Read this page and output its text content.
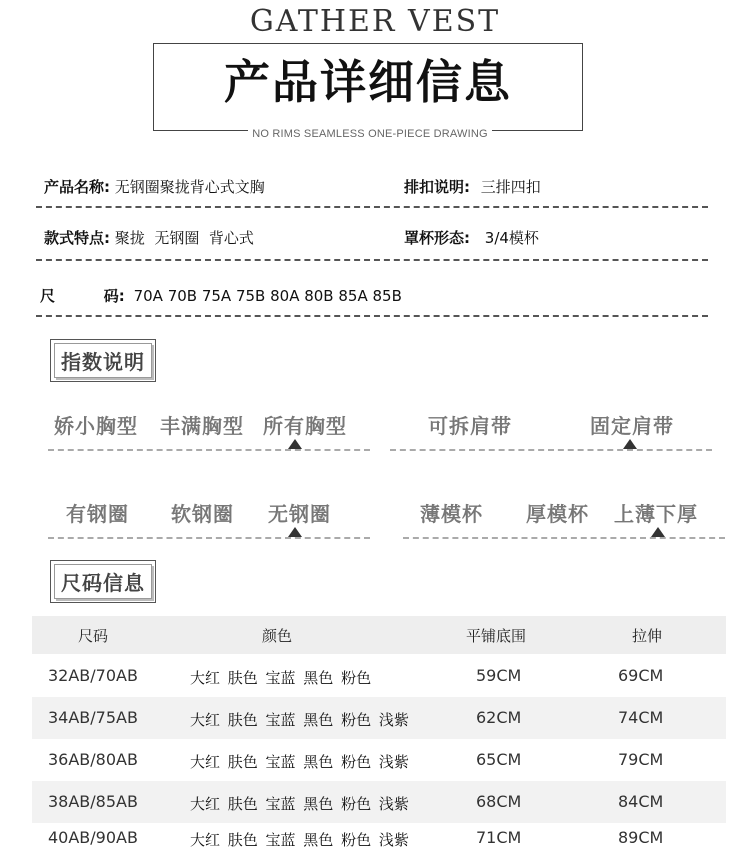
GATHER VEST
产品详细信息
NO RIMS SEAMLESS ONE-PIECE DRAWING
产品名称: 无钢圈聚拢背心式文胸	排扣说明: 三排四扣
款式特点: 聚拢  无钢圈  背心式	罩杯形态: 3/4模杯
尺	码: 70A 70B 75A 75B 80A 80B 85A 85B
指数说明
娇小胸型 丰满胸型 所有胸型	可拆肩带	固定肩带
有钢圈 软钢圈 无钢圈	薄模杯 厚模杯 上薄下厚
尺码信息
尺码	颜色	平铺底围	拉伸
32AB/70AB	大红 肤色 宝蓝 黑色 粉色	59CM	69CM
34AB/75AB	大红 肤色 宝蓝 黑色 粉色 浅紫	62CM	74CM
36AB/80AB	大红 肤色 宝蓝 黑色 粉色 浅紫	65CM	79CM
38AB/85AB	大红 肤色 宝蓝 黑色 粉色 浅紫	68CM	84CM
40AB/90AB	大红 肤色 宝蓝 黑色 粉色 浅紫	71CM	89CM
